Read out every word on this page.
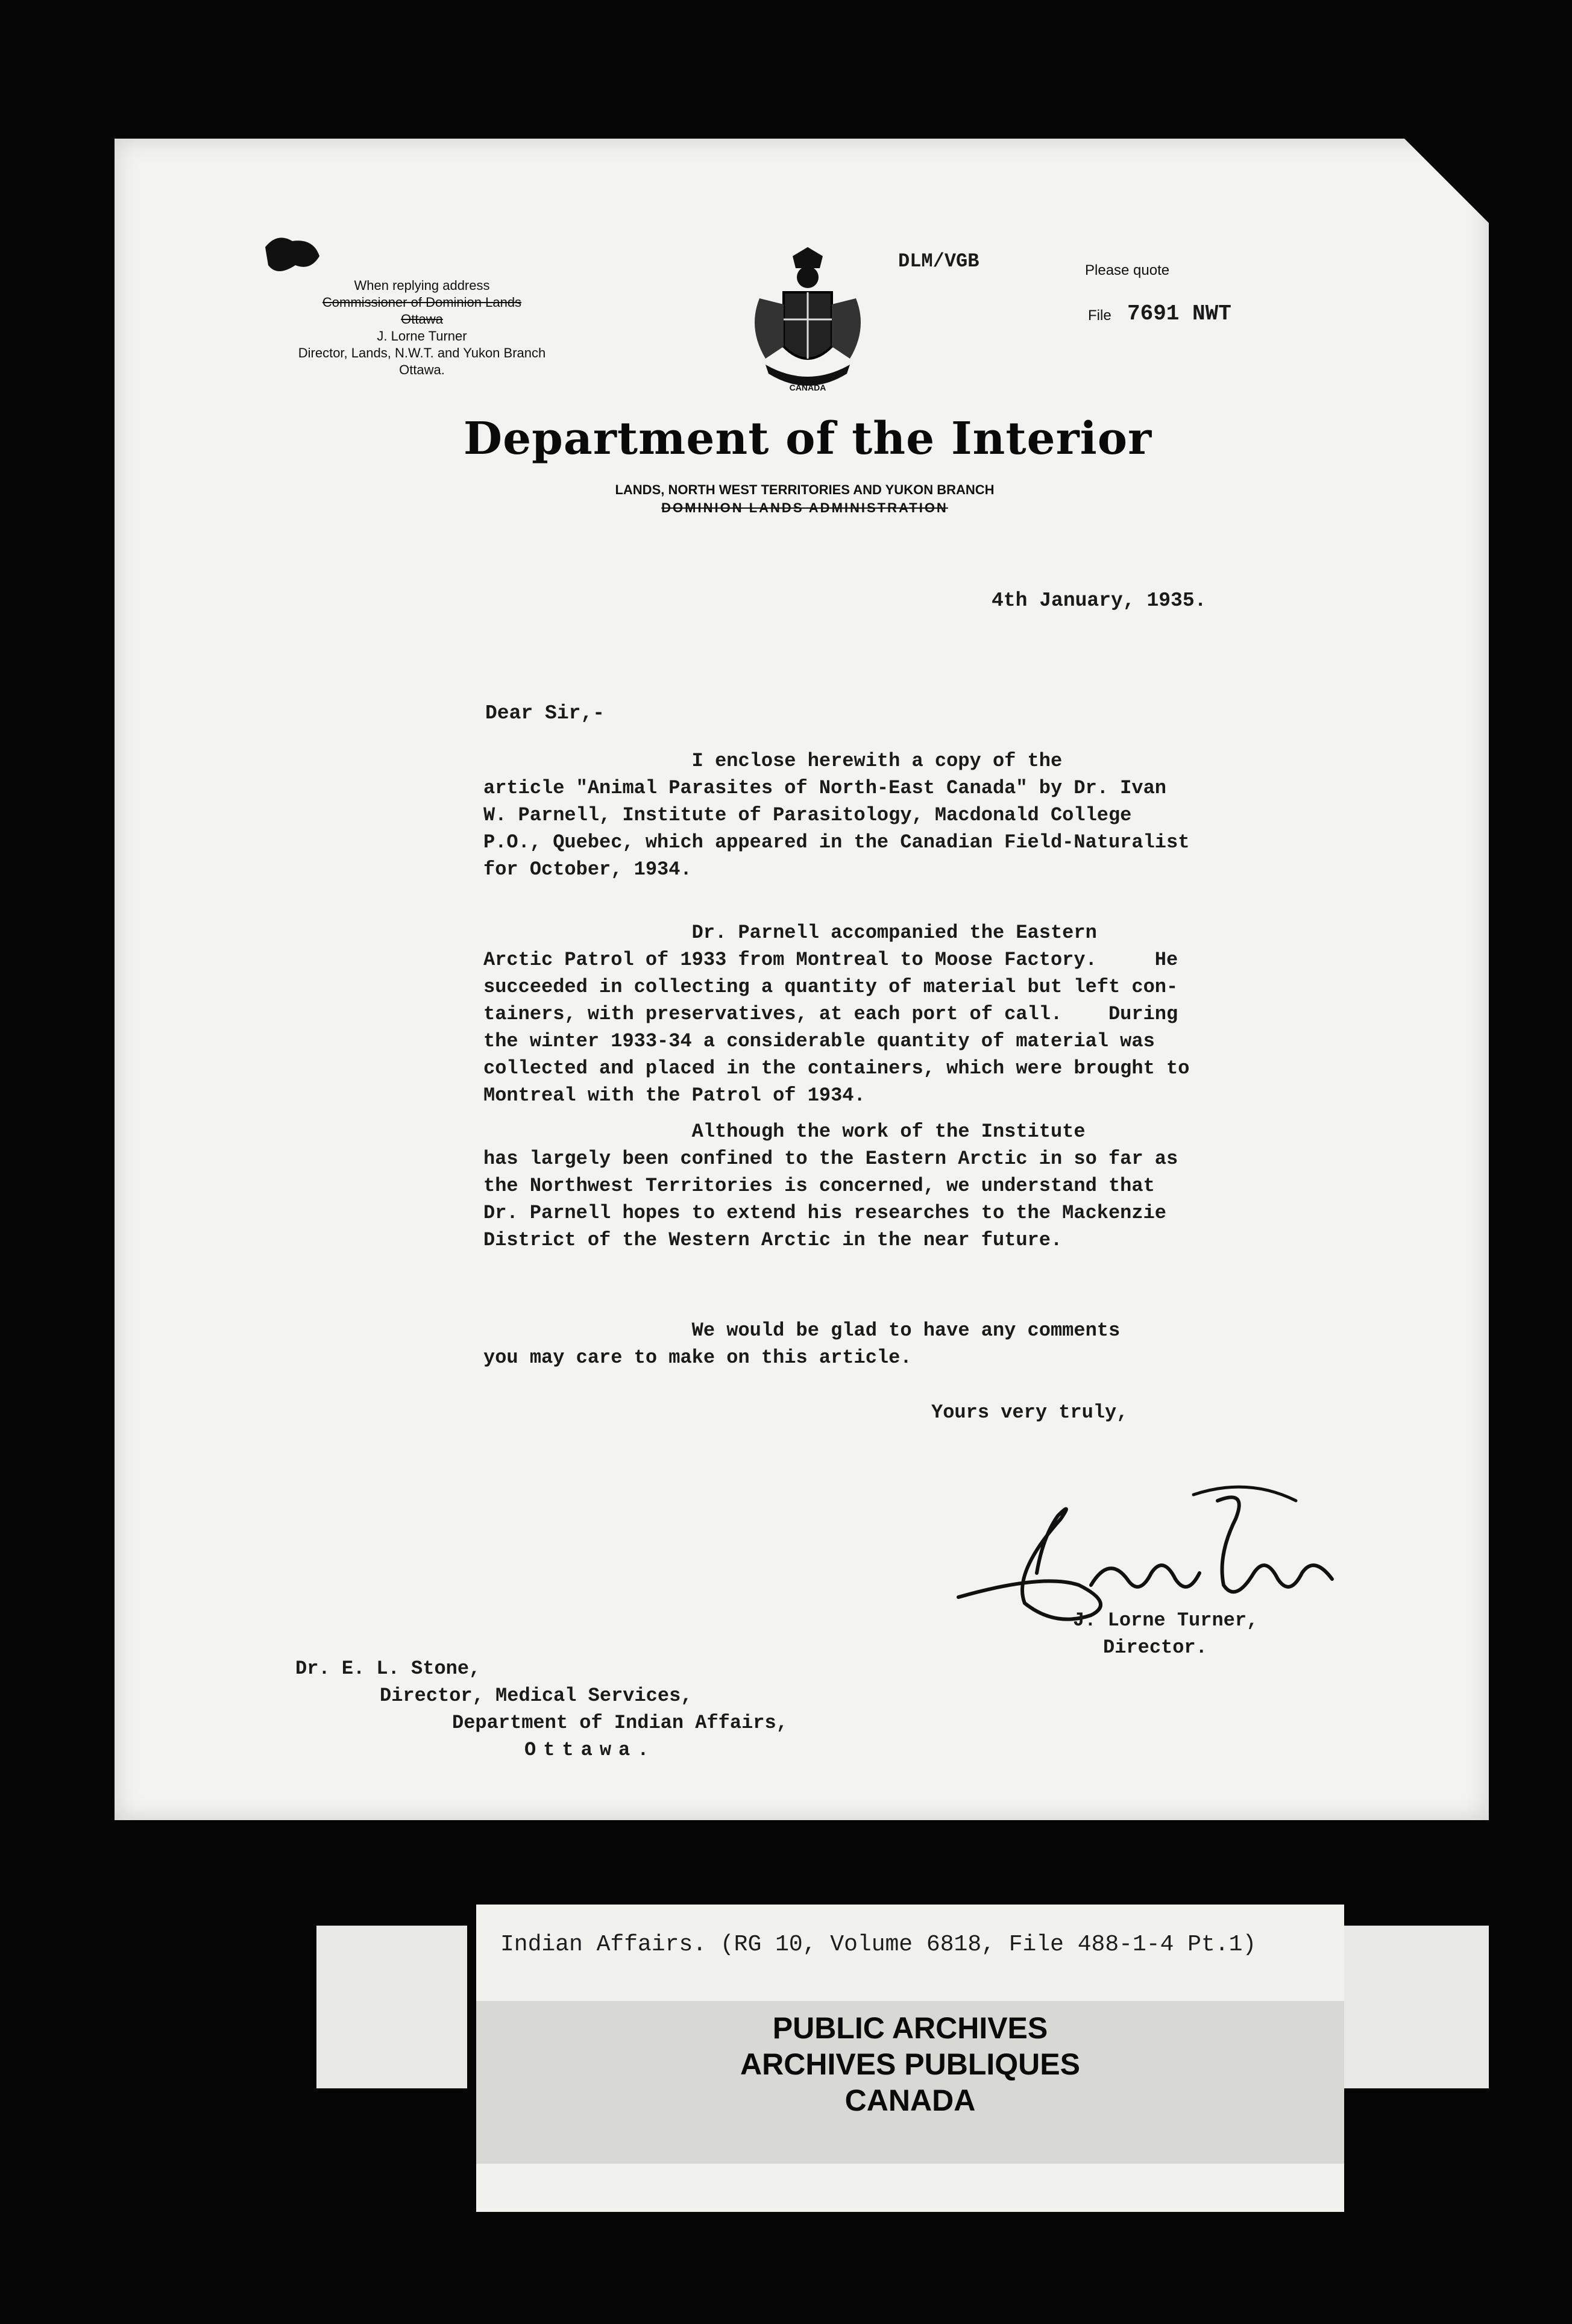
When replying address
Commissioner of Dominion Lands
Ottawa
J. Lorne Turner
Director, Lands, N.W.T. and Yukon Branch
Ottawa.
CANADA
DLM/VGB	Please quote
File 7691 NWT
Department of the Interior
LANDS, NORTH WEST TERRITORIES AND YUKON BRANCH
DOMINION LANDS ADMINISTRATION
4th January, 1935.
Dear Sir,-
I enclose herewith a copy of the
article "Animal Parasites of North-East Canada" by Dr. Ivan
W. Parnell, Institute of Parasitology, Macdonald College
P.O., Quebec, which appeared in the Canadian Field-Naturalist
for October, 1934.
Dr. Parnell accompanied the Eastern
Arctic Patrol of 1933 from Montreal to Moose Factory.     He
succeeded in collecting a quantity of material but left con-
tainers, with preservatives, at each port of call.    During
the winter 1933-34 a considerable quantity of material was
collected and placed in the containers, which were brought to
Montreal with the Patrol of 1934.
Although the work of the Institute
has largely been confined to the Eastern Arctic in so far as
the Northwest Territories is concerned, we understand that
Dr. Parnell hopes to extend his researches to the Mackenzie
District of the Western Arctic in the near future.
We would be glad to have any comments
you may care to make on this article.
Yours very truly,
J. Lorne Turner,
Director.
Dr. E. L. Stone,
Director, Medical Services,
Department of Indian Affairs,
Ottawa.
Indian Affairs. (RG 10, Volume 6818, File 488-1-4 Pt.1)
PUBLIC ARCHIVES
ARCHIVES PUBLIQUES
CANADA
